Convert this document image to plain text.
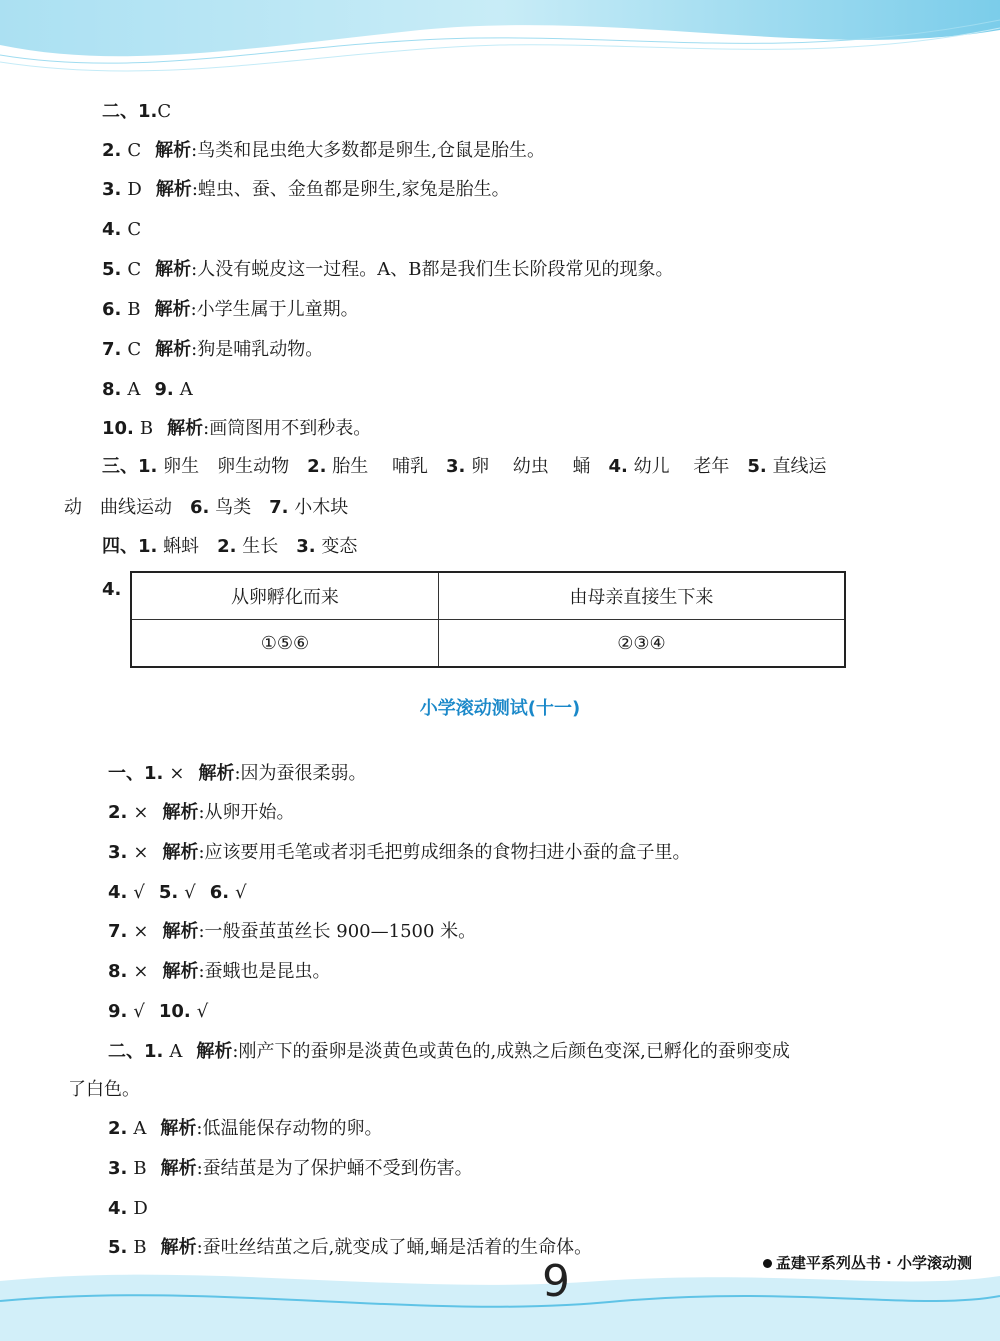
二、1.C
2. C 解析:鸟类和昆虫绝大多数都是卵生,仓鼠是胎生。
3. D 解析:蝗虫、蚕、金鱼都是卵生,家兔是胎生。
4. C
5. C 解析:人没有蜕皮这一过程。A、B都是我们生长阶段常见的现象。
6. B 解析:小学生属于儿童期。
7. C 解析:狗是哺乳动物。
8. A 9. A
10. B 解析:画筒图用不到秒表。
三、1. 卵生　卵生动物 2. 胎生　 哺乳 3. 卵　 幼虫　 蛹 4. 幼儿　 老年 5. 直线运
动　曲线运动 6. 鸟类 7. 小木块
四、1. 蝌蚪 2. 生长 3. 变态
4.	从卵孵化而来	由母亲直接生下来
①⑤⑥	②③④
小学滚动测试(十一)
一、1. × 解析:因为蚕很柔弱。
2. × 解析:从卵开始。
3. × 解析:应该要用毛笔或者羽毛把剪成细条的食物扫进小蚕的盒子里。
4. √ 5. √ 6. √
7. × 解析:一般蚕茧茧丝长 900—1500 米。
8. × 解析:蚕蛾也是昆虫。
9. √ 10. √
二、1. A 解析:刚产下的蚕卵是淡黄色或黄色的,成熟之后颜色变深,已孵化的蚕卵变成
了白色。
2. A 解析:低温能保存动物的卵。
3. B 解析:蚕结茧是为了保护蛹不受到伤害。
4. D
5. B 解析:蚕吐丝结茧之后,就变成了蛹,蛹是活着的生命体。
9	孟建平系列丛书 · 小学滚动测
